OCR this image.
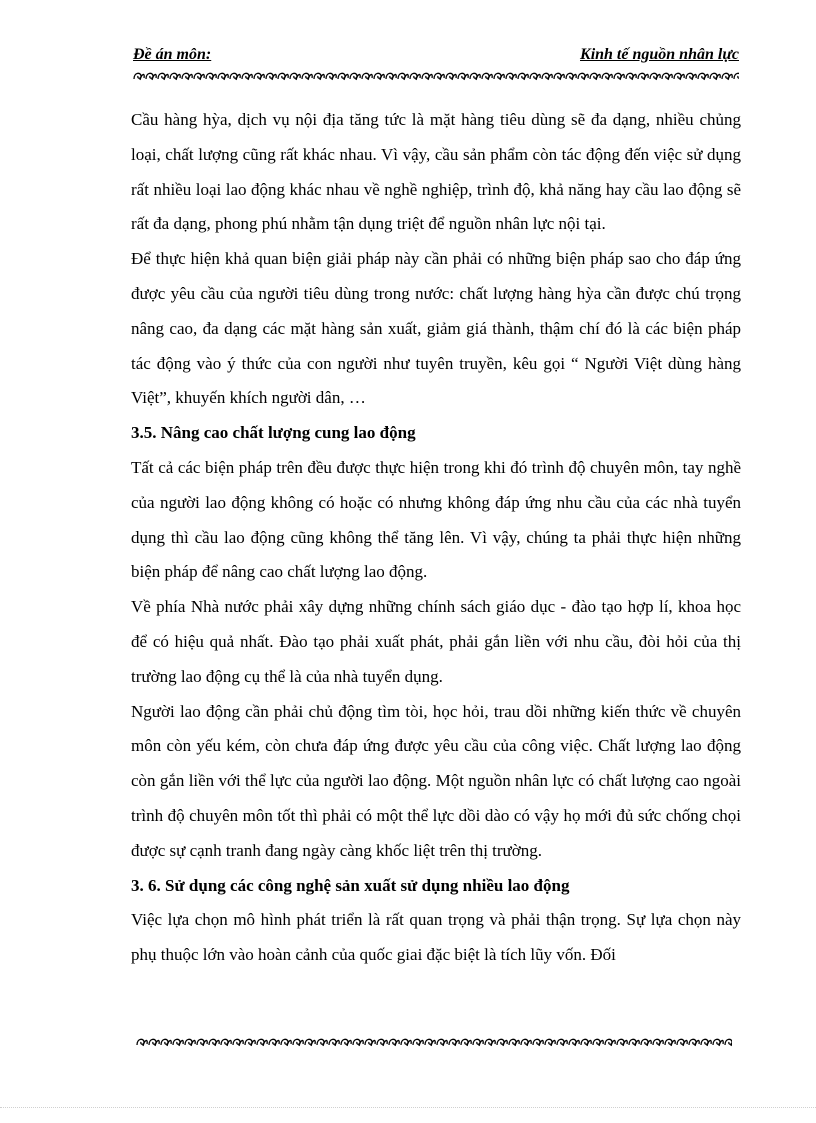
Đề án môn:	Kinh tế nguồn nhân lực

Cầu hàng hỳa, dịch vụ nội địa tăng tức là mặt hàng tiêu dùng sẽ đa dạng, nhiều chủng loại, chất lượng cũng rất khác nhau. Vì vậy, cầu sản phẩm còn tác động đến việc sử dụng rất nhiều loại lao động khác nhau về nghề nghiệp, trình độ, khả năng hay cầu lao động sẽ rất đa dạng, phong phú nhằm tận dụng triệt để nguồn nhân lực nội tại.

Để thực hiện khả quan biện giải pháp này cần phải có những biện pháp sao cho đáp ứng được yêu cầu của người tiêu dùng trong nước: chất lượng hàng hỳa cần được chú trọng nâng cao, đa dạng các mặt hàng sản xuất, giảm giá thành, thậm chí đó là các biện pháp tác động vào ý thức của con người như tuyên truyền, kêu gọi “ Người Việt dùng hàng Việt”, khuyến khích người dân, …

3.5. Nâng cao chất lượng cung lao động

Tất cả các biện pháp trên đều được thực hiện trong khi đó trình độ chuyên môn, tay nghề của người lao động không có hoặc có nhưng không đáp ứng nhu cầu của các nhà tuyển dụng thì cầu lao động cũng không thể tăng lên. Vì vậy, chúng ta phải thực hiện những biện pháp để nâng cao chất lượng lao động.

Về phía Nhà nước phải xây dựng những chính sách giáo dục - đào tạo hợp lí, khoa học để có hiệu quả nhất. Đào tạo phải xuất phát, phải gắn liền với nhu cầu, đòi hỏi của thị trường lao động cụ thể là của nhà tuyển dụng.

Người lao động cần phải chủ động tìm tòi, học hỏi, trau dồi những kiến thức về chuyên môn còn yếu kém, còn chưa đáp ứng được yêu cầu của công việc. Chất lượng lao động còn gắn liền với thể lực của người lao động. Một nguồn nhân lực có chất lượng cao ngoài trình độ chuyên môn tốt thì phải có một thể lực dồi dào có vậy họ mới đủ sức chống chọi được sự cạnh tranh đang ngày càng khốc liệt trên thị trường.

3. 6. Sử dụng các công nghệ sản xuất sử dụng nhiều lao động

Việc lựa chọn mô hình phát triển là rất quan trọng và phải thận trọng. Sự lựa chọn này phụ thuộc lớn vào hoàn cảnh của quốc giai đặc biệt là tích lũy vốn. Đối
